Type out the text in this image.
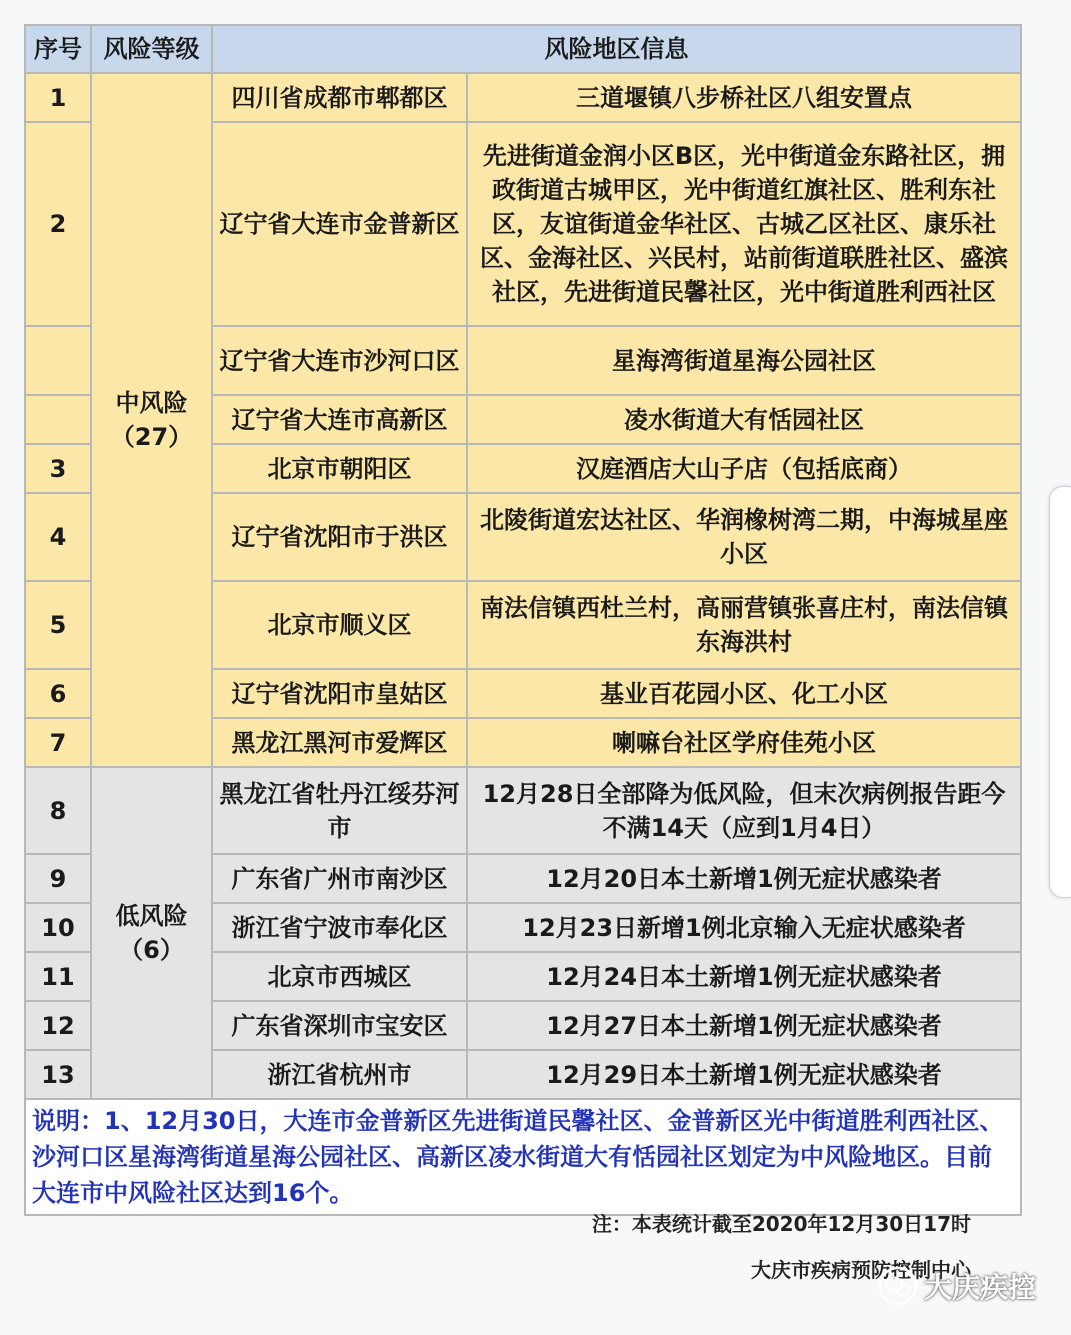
序号	风险等级	风险地区信息	
1	中风险（27）	四川省成都市郫都区	三道堰镇八步桥社区八组安置点
2		辽宁省大连市金普新区	先进街道金润小区B区，光中街道金东路社区，拥政街道古城甲区，光中街道红旗社区、胜利东社区，友谊街道金华社区、古城乙区社区、康乐社区、金海社区、兴民村，站前街道联胜社区、盛滨社区，先进街道民馨社区，光中街道胜利西社区
		辽宁省大连市沙河口区	星海湾街道星海公园社区
		辽宁省大连市高新区	凌水街道大有恬园社区
3		北京市朝阳区	汉庭酒店大山子店（包括底商）
4		辽宁省沈阳市于洪区	北陵街道宏达社区、华润橡树湾二期，中海城星座小区
5		北京市顺义区	南法信镇西杜兰村，高丽营镇张喜庄村，南法信镇东海洪村
6		辽宁省沈阳市皇姑区	基业百花园小区、化工小区
7		黑龙江黑河市爱辉区	喇嘛台社区学府佳苑小区
8	低风险（6）	黑龙江省牡丹江绥芬河市	12月28日全部降为低风险，但末次病例报告距今不满14天（应到1月4日）
9		广东省广州市南沙区	12月20日本土新增1例无症状感染者
10		浙江省宁波市奉化区	12月23日新增1例北京输入无症状感染者
11		北京市西城区	12月24日本土新增1例无症状感染者
12		广东省深圳市宝安区	12月27日本土新增1例无症状感染者
13		浙江省杭州市	12月29日本土新增1例无症状感染者
说明：1、12月30日，大连市金普新区先进街道民馨社区、金普新区光中街道胜利西社区、沙河口区星海湾街道星海公园社区、高新区凌水街道大有恬园社区划定为中风险地区。目前大连市中风险社区达到16个。			
注：本表统计截至2020年12月30日17时
大庆市疾病预防控制中心
大庆疾控
